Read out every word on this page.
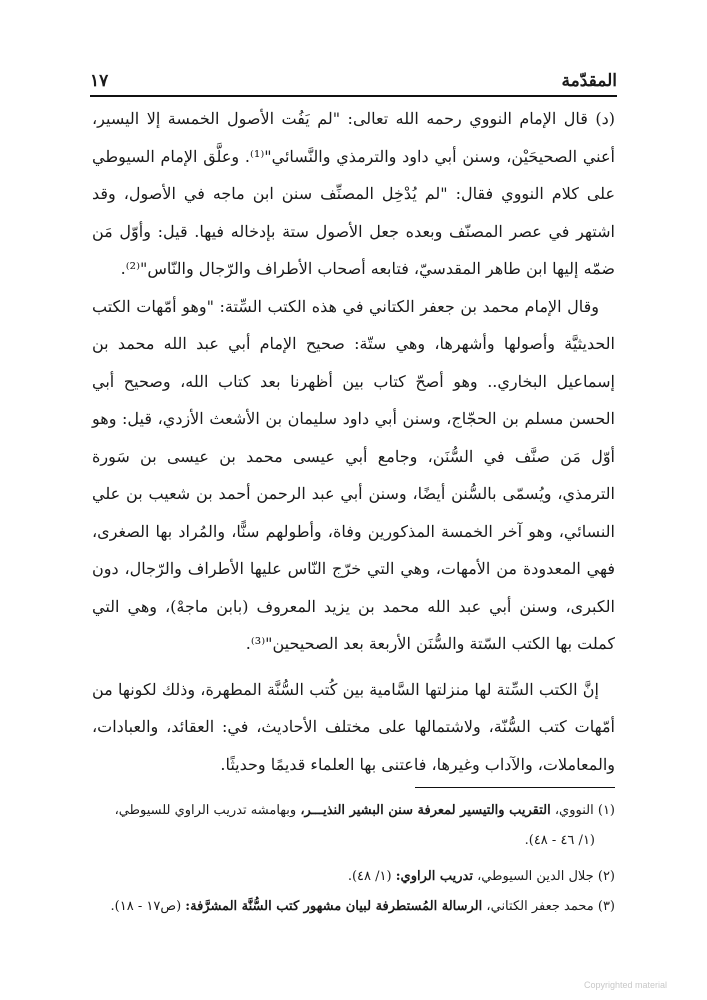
المقدّمة
١٧

(د) قال الإمام النووي رحمه الله تعالى: "لم يَفُت الأصول الخمسة إلا اليسير، أعني الصحيحَيْن، وسنن أبي داود والترمذي والنَّسائي"⁽¹⁾. وعلَّق الإمام السيوطي على كلام النووي فقال: "لم يُدْخِل المصنِّف سنن ابن ماجه في الأصول، وقد اشتهر في عصر المصنّف وبعده جعل الأصول ستة بإدخاله فيها. قيل: وأوّل مَن ضمّه إليها ابن طاهر المقدسيّ، فتابعه أصحاب الأطراف والرّجال والنّاس"⁽²⁾.

وقال الإمام محمد بن جعفر الكتاني في هذه الكتب السِّتة: "وهو أمّهات الكتب الحديثيَّة وأصولها وأشهرها، وهي ستّة: صحيح الإمام أبي عبد الله محمد بن إسماعيل البخاري.. وهو أصحّ كتاب بين أظهرنا بعد كتاب الله، وصحيح أبي الحسن مسلم بن الحجّاج، وسنن أبي داود سليمان بن الأشعث الأزدي، قيل: وهو أوّل مَن صنَّف في السُّنَن، وجامع أبي عيسى محمد بن عيسى بن سَورة الترمذي، ويُسمّى بالسُّنن أيضًا، وسنن أبي عبد الرحمن أحمد بن شعيب بن علي النسائي، وهو آخر الخمسة المذكورين وفاة، وأطولهم سنًّا، والمُراد بها الصغرى، فهي المعدودة من الأمهات، وهي التي خرّج النّاس عليها الأطراف والرّجال، دون الكبرى، وسنن أبي عبد الله محمد بن يزيد المعروف (بابن ماجهْ)، وهي التي كملت بها الكتب السّتة والسُّنَن الأربعة بعد الصحيحين"⁽³⁾.

إنَّ الكتب السِّتة لها منزلتها السَّامية بين كُتب السُّنَّة المطهرة، وذلك لكونها من أمّهات كتب السُّنّة، ولاشتمالها على مختلف الأحاديث، في: العقائد، والعبادات، والمعاملات، والآداب وغيرها، فاعتنى بها العلماء قديمًا وحديثًا.

(١) النووي، التقريب والتيسير لمعرفة سنن البشير النذيـــر، وبهامشه تدريب الراوي للسيوطي،
(١/ ٤٦ - ٤٨).

(٢) جلال الدين السيوطي، تدريب الراوي: (١/ ٤٨).

(٣) محمد جعفر الكتاني، الرسالة المُستطرفة لبيان مشهور كتب السُّنَّة المشرَّفة: (ص١٧ - ١٨).

Copyrighted material
